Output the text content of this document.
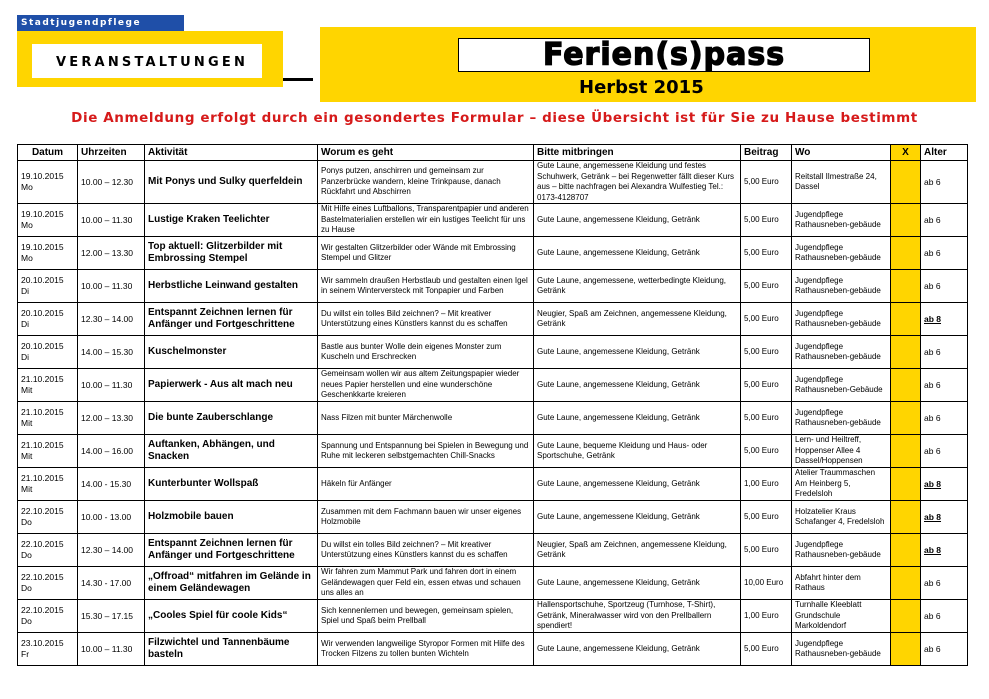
Stadtjugendpflege
VERANSTALTUNGEN	Ferien(s)pass
Herbst 2015
Die Anmeldung erfolgt durch ein gesondertes Formular – diese Übersicht ist für Sie zu Hause bestimmt
Datum	Uhrzeiten	Aktivität	Worum es geht	Bitte mitbringen	Beitrag	Wo	X	Alter

19.10.2015
Mo	10.00 – 12.30	Mit Ponys und Sulky querfeldein	Ponys putzen, anschirren und gemeinsam zur Panzerbrücke wandern, kleine Trinkpause, danach Rückfahrt und Abschirren	Gute Laune, angemessene Kleidung und festes Schuhwerk, Getränk – bei Regenwetter fällt dieser Kurs aus – bitte nachfragen bei Alexandra Wulfestieg Tel.: 0173-4128707	5,00 Euro	Reitstall Ilmestraße 24, Dassel		ab 6

19.10.2015
Mo	10.00 – 11.30	Lustige Kraken Teelichter	Mit Hilfe eines Luftballons, Transparentpapier und anderen Bastelmaterialien erstellen wir ein lustiges Teelicht für uns zu Hause	Gute Laune, angemessene Kleidung, Getränk	5,00 Euro	Jugendpflege Rathausneben-gebäude		ab 6

19.10.2015
Mo	12.00 – 13.30	Top aktuell: Glitzerbilder mit Embrossing Stempel	Wir gestalten Glitzerbilder oder Wände mit Embrossing Stempel und Glitzer	Gute Laune, angemessene Kleidung, Getränk	5,00 Euro	Jugendpflege Rathausneben-gebäude		ab 6

20.10.2015
Di	10.00 – 11.30	Herbstliche Leinwand gestalten	Wir sammeln draußen Herbstlaub und gestalten einen Igel in seinem Winterversteck mit Tonpapier und Farben	Gute Laune, angemessene, wetterbedingte Kleidung, Getränk	5,00 Euro	Jugendpflege Rathausneben-gebäude		ab 6

20.10.2015
Di	12.30 – 14.00	Entspannt Zeichnen lernen für Anfänger und Fortgeschrittene	Du willst ein tolles Bild zeichnen? – Mit kreativer Unterstützung eines Künstlers kannst du es schaffen	Neugier, Spaß am Zeichnen, angemessene Kleidung, Getränk	5,00 Euro	Jugendpflege Rathausneben-gebäude		ab 8

20.10.2015
Di	14.00 – 15.30	Kuschelmonster	Bastle aus bunter Wolle dein eigenes Monster zum Kuscheln und Erschrecken	Gute Laune, angemessene Kleidung, Getränk	5,00 Euro	Jugendpflege Rathausneben-gebäude		ab 6

21.10.2015
Mit	10.00 – 11.30	Papierwerk - Aus alt mach neu	Gemeinsam wollen wir aus altem Zeitungspapier wieder neues Papier herstellen und eine wunderschöne Geschenkkarte kreieren	Gute Laune, angemessene Kleidung, Getränk	5,00 Euro	Jugendpflege Rathausneben-Gebäude		ab 6

21.10.2015
Mit	12.00 – 13.30	Die bunte Zauberschlange	Nass Filzen mit bunter Märchenwolle	Gute Laune, angemessene Kleidung, Getränk	5,00 Euro	Jugendpflege Rathausneben-gebäude		ab 6

21.10.2015
Mit	14.00 – 16.00	Auftanken, Abhängen, und Snacken	Spannung und Entspannung bei Spielen in Bewegung und Ruhe mit leckeren selbstgemachten Chill-Snacks	Gute Laune, bequeme Kleidung und Haus- oder Sportschuhe, Getränk	5,00 Euro	Lern- und Heiltreff, Hoppenser Allee 4 Dassel/Hoppensen		ab 6

21.10.2015
Mit	14.00 - 15.30	Kunterbunter Wollspaß	Häkeln für Anfänger	Gute Laune, angemessene Kleidung, Getränk	1,00 Euro	Atelier Traummaschen Am Heinberg 5, Fredelsloh		ab 8

22.10.2015
Do	10.00 - 13.00	Holzmobile bauen	Zusammen mit dem Fachmann bauen wir unser eigenes Holzmobile	Gute Laune, angemessene Kleidung, Getränk	5,00 Euro	Holzatelier Kraus Schafanger 4, Fredelsloh		ab 8

22.10.2015
Do	12.30 – 14.00	Entspannt Zeichnen lernen für Anfänger und Fortgeschrittene	Du willst ein tolles Bild zeichnen? – Mit kreativer Unterstützung eines Künstlers kannst du es schaffen	Neugier, Spaß am Zeichnen, angemessene Kleidung, Getränk	5,00 Euro	Jugendpflege Rathausneben-gebäude		ab 8

22.10.2015
Do	14.30 - 17.00	„Offroad“ mitfahren im Gelände in einem Geländewagen	Wir fahren zum Mammut Park und fahren dort in einem Geländewagen quer Feld ein, essen etwas und schauen uns alles an	Gute Laune, angemessene Kleidung, Getränk	10,00 Euro	Abfahrt hinter dem Rathaus		ab 6

22.10.2015
Do	15.30 – 17.15	„Cooles Spiel für coole Kids“	Sich kennenlernen und bewegen, gemeinsam spielen, Spiel und Spaß beim Prellball	Hallensportschuhe, Sportzeug (Turnhose, T-Shirt), Getränk, Mineralwasser wird von den Prellballern spendiert!	1,00 Euro	Turnhalle Kleeblatt Grundschule Markoldendorf		ab 6

23.10.2015
Fr	10.00 – 11.30	Filzwichtel und Tannenbäume basteln	Wir verwenden langweilige Styropor Formen mit Hilfe des Trocken Filzens zu tollen bunten Wichteln	Gute Laune, angemessene Kleidung, Getränk	5,00 Euro	Jugendpflege Rathausneben-gebäude		ab 6
